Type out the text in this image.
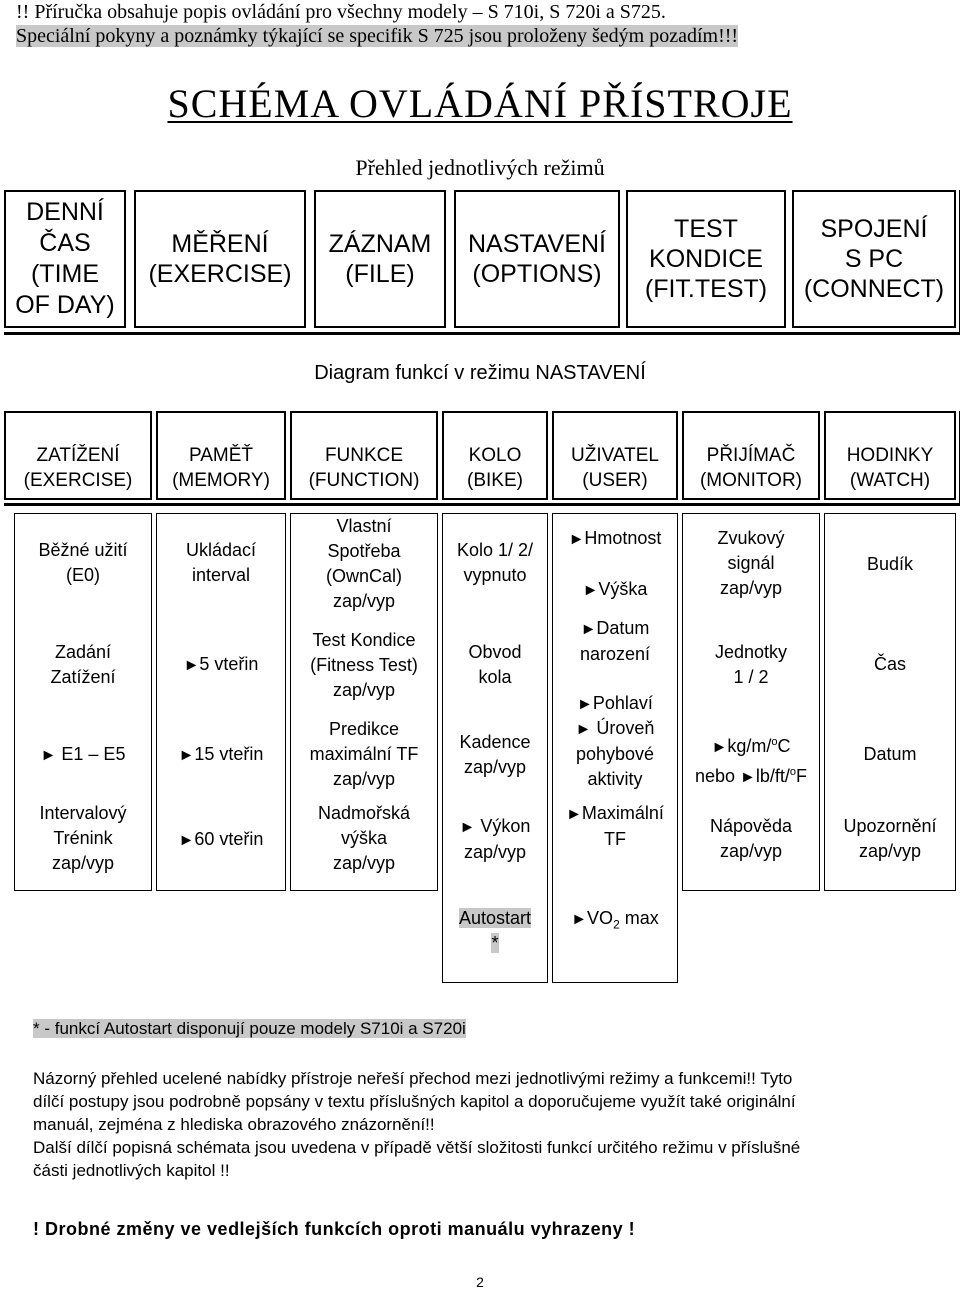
!! Příručka obsahuje popis ovládání pro všechny modely – S 710i, S 720i a S725.
Speciální pokyny a poznámky týkající se specifik S 725 jsou proloženy šedým pozadím!!!
SCHÉMA OVLÁDÁNÍ PŘÍSTROJE
Přehled jednotlivých režimů
DENNÍ
ČAS
(TIME
OF DAY)
MĚŘENÍ
(EXERCISE)
ZÁZNAM
(FILE)
NASTAVENÍ
(OPTIONS)
TEST
KONDICE
(FIT.TEST)
SPOJENÍ
S PC
(CONNECT)
Diagram funkcí v režimu NASTAVENÍ
ZATÍŽENÍ
(EXERCISE)
PAMĚŤ
(MEMORY)
FUNKCE
(FUNCTION)
KOLO
(BIKE)
UŽIVATEL
(USER)
PŘIJÍMAČ
(MONITOR)
HODINKY
(WATCH)
Běžné užití
(E0)
Zadání
Zatížení
► E1 – E5
Intervalový
Trénink
zap/vyp
Ukládací
interval
► 5 vteřin
► 15 vteřin
► 60 vteřin
Vlastní
Spotřeba
(OwnCal)
zap/vyp
Test Kondice
(Fitness Test)
zap/vyp
Predikce
maximální TF
zap/vyp
Nadmořská
výška
zap/vyp
Kolo 1/ 2/
vypnuto
Obvod
kola
Kadence
zap/vyp
► Výkon
zap/vyp
Autostart
*
► Hmotnost
► Výška
► Datum
narození
► Pohlaví
► Úroveň
pohybové
aktivity
► Maximální
TF
► $VO_2$ max
Zvukový
signál
zap/vyp
Jednotky
1 / 2
► kg/m/$^o$C
nebo ► lb/ft/$^o$F
Nápověda
zap/vyp
Budík
Čas
Datum
Upozornění
zap/vyp
* - funkcí Autostart disponují pouze modely S710i a S720i
Názorný přehled ucelené nabídky přístroje neřeší přechod mezi jednotlivými režimy a funkcemi!! Tyto
dílčí postupy jsou podrobně popsány v textu příslušných kapitol a doporučujeme využít také originální
manuál, zejména z hlediska obrazového znázornění!!
Další dílčí popisná schémata jsou uvedena v případě větší složitosti funkcí určitého režimu v příslušné
části jednotlivých kapitol !!
! Drobné změny ve vedlejších funkcích oproti manuálu vyhrazeny !
2
